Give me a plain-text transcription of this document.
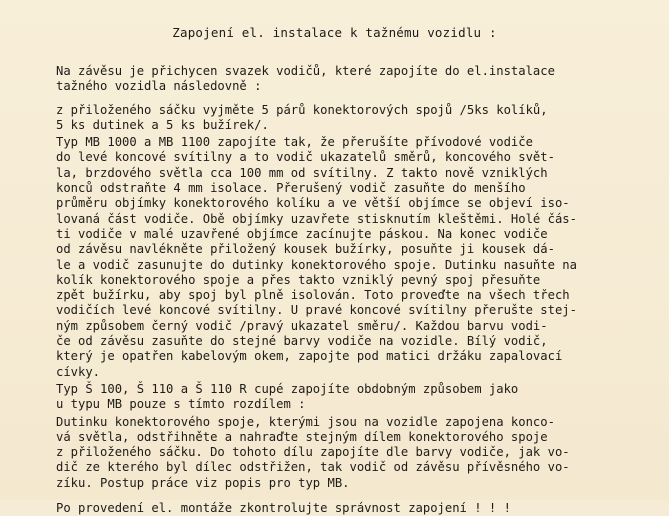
Zapojení el. instalace k tažnému vozidlu :
Na závěsu je přichycen svazek vodičů, které zapojíte do el.instalace
tažného vozidla následovně :
z přiloženého sáčku vyjměte 5 párů konektorových spojů /5ks kolíků,
5 ks dutinek a 5 ks bužírek/.
Typ MB 1000 a MB 1100 zapojíte tak, že přerušíte přívodové vodiče
do levé koncové svítilny a to vodič ukazatelů směrů, koncového svět-
la, brzdového světla cca 100 mm od svítilny. Z takto nově vzniklých
konců odstraňte 4 mm isolace. Přerušený vodič zasuňte do menšího
průměru objímky konektorového kolíku a ve větší objímce se objeví iso-
lovaná část vodiče. Obě objímky uzavřete stisknutím kleštěmi. Holé čás-
ti vodiče v malé uzavřené objímce zacínujte páskou. Na konec vodiče
od závěsu navlékněte přiložený kousek bužírky, posuňte ji kousek dá-
le a vodič zasunujte do dutinky konektorového spoje. Dutinku nasuňte na
kolík konektorového spoje a přes takto vzniklý pevný spoj přesuňte
zpět bužírku, aby spoj byl plně isolován. Toto proveďte na všech třech
vodičích levé koncové svítilny. U pravé koncové svítilny přerušte stej-
ným způsobem černý vodič /pravý ukazatel směru/. Každou barvu vodi-
če od závěsu zasuňte do stejné barvy vodiče na vozidle. Bílý vodič,
který je opatřen kabelovým okem, zapojte pod matici držáku zapalovací
cívky.
Typ Š 100, Š 110 a Š 110 R cupé zapojíte obdobným způsobem jako
u typu MB pouze s tímto rozdílem :
Dutinku konektorového spoje, kterými jsou na vozidle zapojena konco-
vá světla, odstřihněte a nahraďte stejným dílem konektorového spoje
z přiloženého sáčku. Do tohoto dílu zapojíte dle barvy vodiče, jak vo-
dič ze kterého byl dílec odstřižen, tak vodič od závěsu přívěsného vo-
zíku. Postup práce viz popis pro typ MB.
Po provedení el. montáže zkontrolujte správnost zapojení ! ! !
